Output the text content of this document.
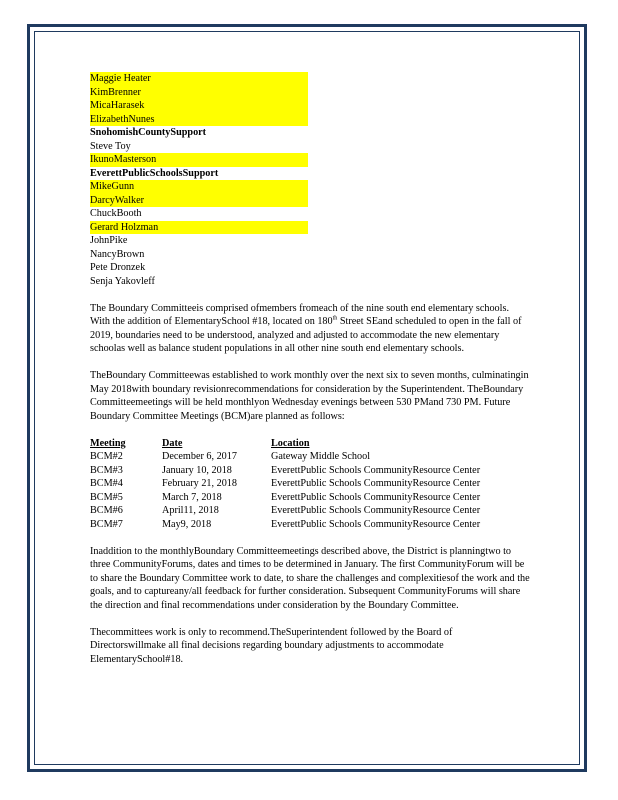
Maggie Heater
KimBrenner
MicaHarasek
ElizabethNunes
SnohomishCountySupport
Steve Toy
IkunoMasterson
EverettPublicSchoolsSupport
MikeGunn
DarcyWalker
ChuckBooth
Gerard Holzman
JohnPike
NancyBrown
Pete Dronzek
Senja Yakovleff

The Boundary Committeeis comprised ofmembers fromeach of the nine south end elementary schools. With the addition of ElementarySchool #18, located on 180th Street SEand scheduled to open in the fall of 2019, boundaries need to be understood, analyzed and adjusted to accommodate the new elementary schoolas well as balance student populations in all other nine south end elementary schools.

TheBoundary Committeewas established to work monthly over the next six to seven months, culminatingin May 2018with boundary revisionrecommendations for consideration by the Superintendent. TheBoundary Committeemeetings will be held monthlyon Wednesday evenings between 530 PMand 730 PM. Future Boundary Committee Meetings (BCM)are planned as follows:

Meeting	Date	Location
BCM#2	December 6, 2017	Gateway Middle School
BCM#3	January 10, 2018	EverettPublic Schools CommunityResource Center
BCM#4	February 21, 2018	EverettPublic Schools CommunityResource Center
BCM#5	March 7, 2018	EverettPublic Schools CommunityResource Center
BCM#6	April11, 2018	EverettPublic Schools CommunityResource Center
BCM#7	May9, 2018	EverettPublic Schools CommunityResource Center

Inaddition to the monthlyBoundary Committeemeetings described above, the District is planningtwo to three CommunityForums, dates and times to be determined in January. The first CommunityForum will be to share the Boundary Committee work to date, to share the challenges and complexitiesof the work and the goals, and to captureany/all feedback for further consideration. Subsequent CommunityForums will share the direction and final recommendations under consideration by the Boundary Committee.

Thecommittees work is only to recommend.TheSuperintendent followed by the Board of Directorswillmake all final decisions regarding boundary adjustments to accommodate ElementarySchool#18.
